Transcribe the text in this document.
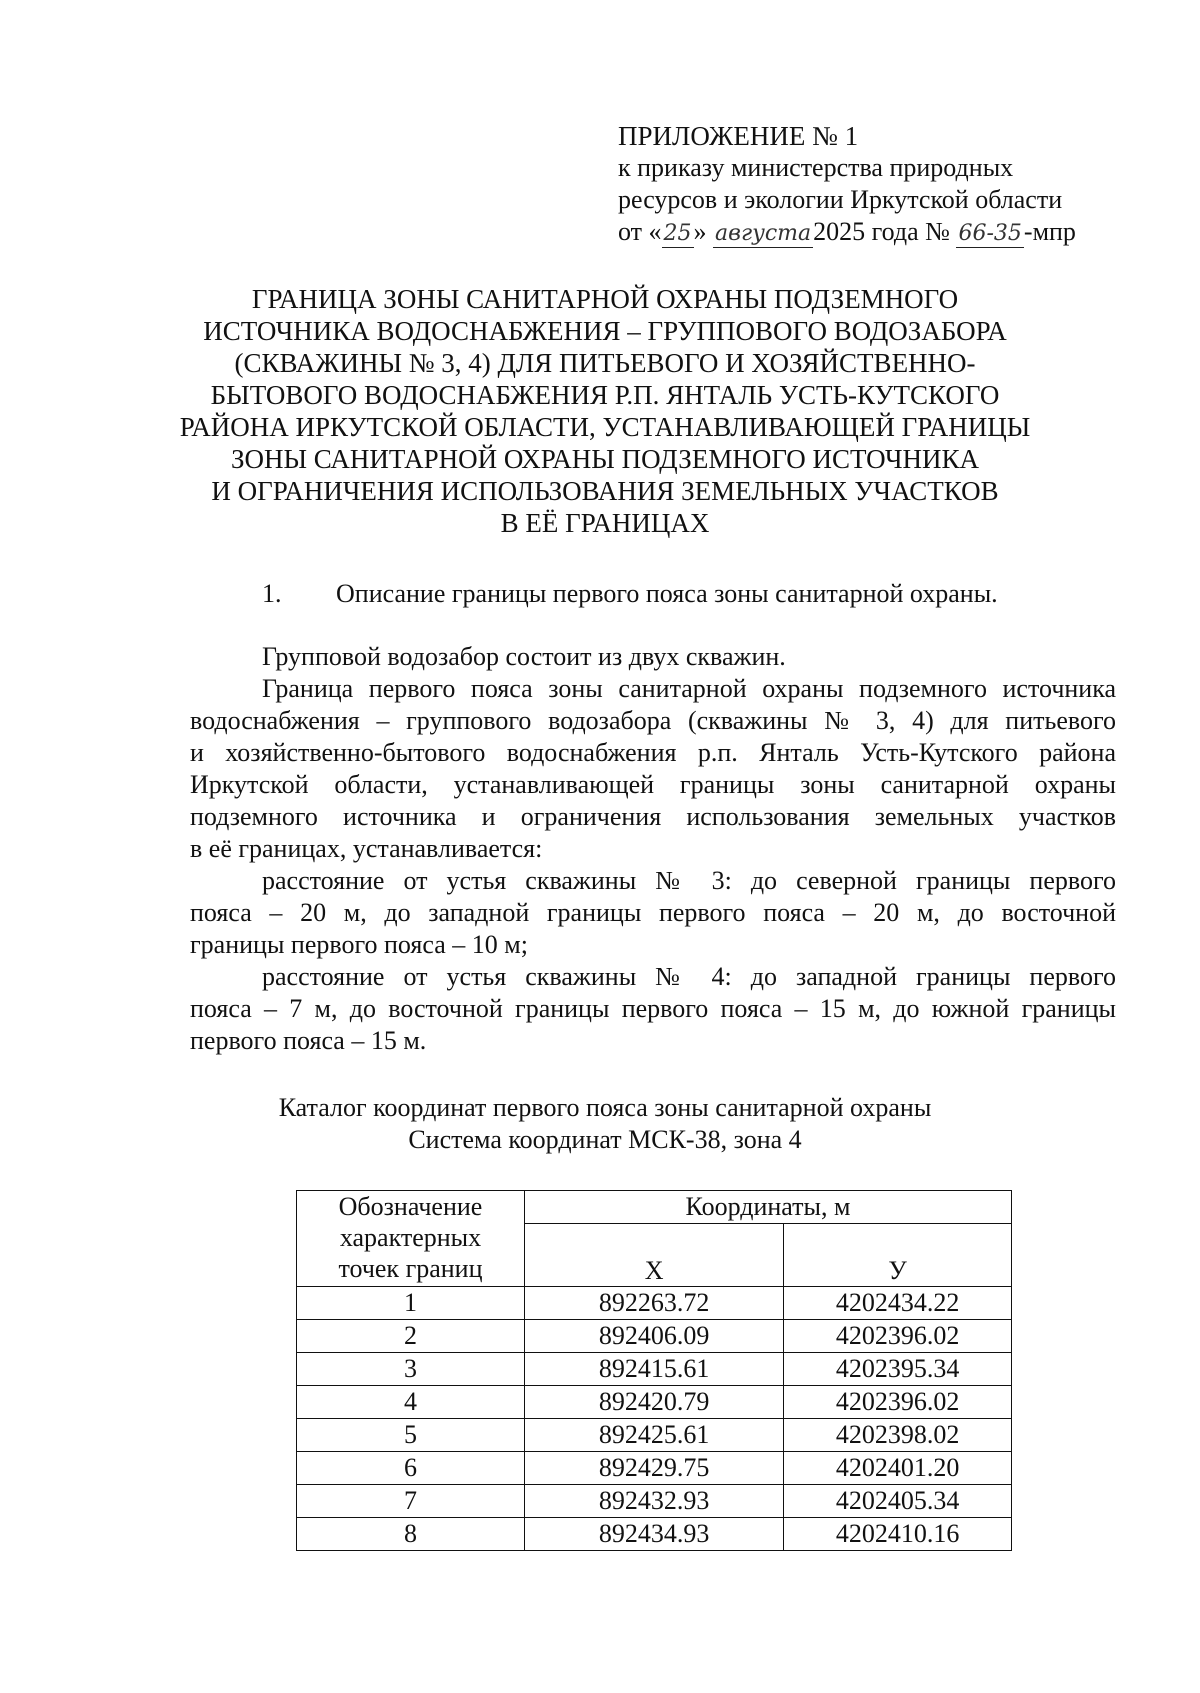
ПРИЛОЖЕНИЕ № 1
к приказу министерства природных
ресурсов и экологии Иркутской области
от «25» августа2025 года № 66-35-мпр
ГРАНИЦА ЗОНЫ САНИТАРНОЙ ОХРАНЫ ПОДЗЕМНОГО
ИСТОЧНИКА ВОДОСНАБЖЕНИЯ – ГРУППОВОГО ВОДОЗАБОРА
(СКВАЖИНЫ № 3, 4) ДЛЯ ПИТЬЕВОГО И ХОЗЯЙСТВЕННО-
БЫТОВОГО ВОДОСНАБЖЕНИЯ Р.П. ЯНТАЛЬ УСТЬ-КУТСКОГО
РАЙОНА ИРКУТСКОЙ ОБЛАСТИ, УСТАНАВЛИВАЮЩЕЙ ГРАНИЦЫ
ЗОНЫ САНИТАРНОЙ ОХРАНЫ ПОДЗЕМНОГО ИСТОЧНИКА
И ОГРАНИЧЕНИЯ ИСПОЛЬЗОВАНИЯ ЗЕМЕЛЬНЫХ УЧАСТКОВ
В ЕЁ ГРАНИЦАХ
1. Описание границы первого пояса зоны санитарной охраны.
Групповой водозабор состоит из двух скважин.
Граница первого пояса зоны санитарной охраны подземного источника
водоснабжения – группового водозабора (скважины № 3, 4) для питьевого
и хозяйственно-бытового водоснабжения р.п. Янталь Усть-Кутского района
Иркутской области, устанавливающей границы зоны санитарной охраны
подземного источника и ограничения использования земельных участков
в её границах, устанавливается:
расстояние от устья скважины № 3: до северной границы первого
пояса – 20 м, до западной границы первого пояса – 20 м, до восточной
границы первого пояса – 10 м;
расстояние от устья скважины № 4: до западной границы первого
пояса – 7 м, до восточной границы первого пояса – 15 м, до южной границы
первого пояса – 15 м.
Каталог координат первого пояса зоны санитарной охраны
Система координат МСК-38, зона 4
Обозначение
характерных
точек границ	Координаты, м	
	X	У
1	892263.72	4202434.22
2	892406.09	4202396.02
3	892415.61	4202395.34
4	892420.79	4202396.02
5	892425.61	4202398.02
6	892429.75	4202401.20
7	892432.93	4202405.34
8	892434.93	4202410.16
